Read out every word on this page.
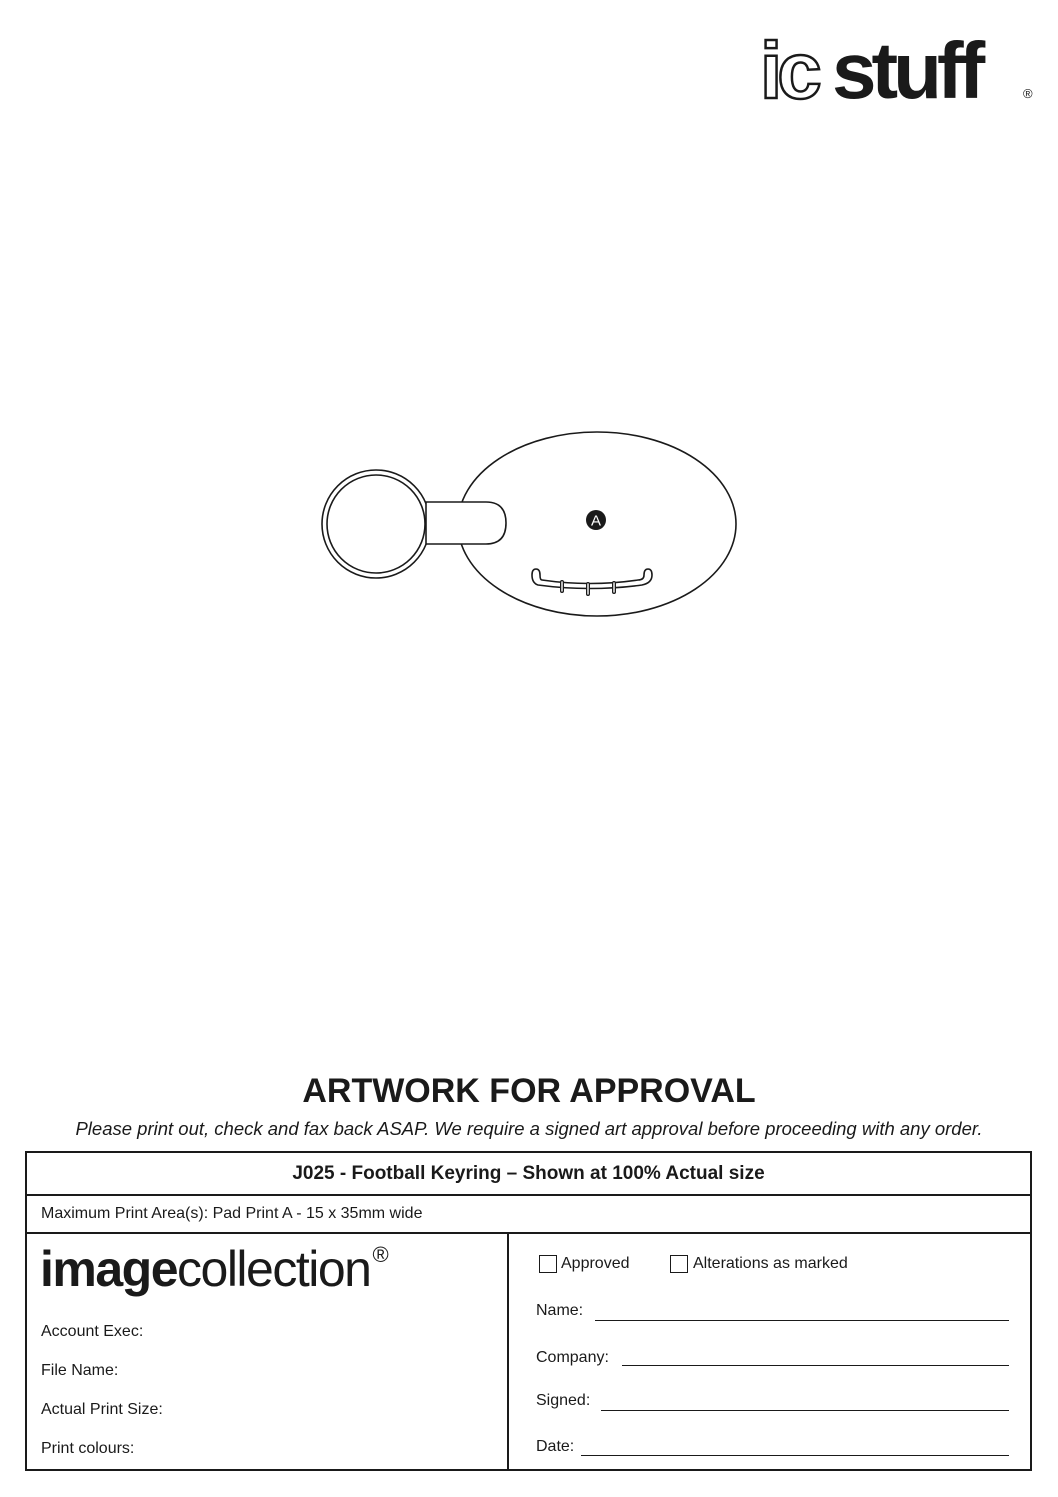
ic stuff	®
A
ARTWORK FOR APPROVAL
Please print out, check and fax back ASAP. We require a signed art approval before proceeding with any order.
J025 - Football Keyring – Shown at 100% Actual size
Maximum Print Area(s): Pad Print A - 15 x 35mm wide
imagecollection®
Account Exec:
File Name:
Actual Print Size:
Print colours:
Approved	Alterations as marked
Name:
Company:
Signed:
Date:
